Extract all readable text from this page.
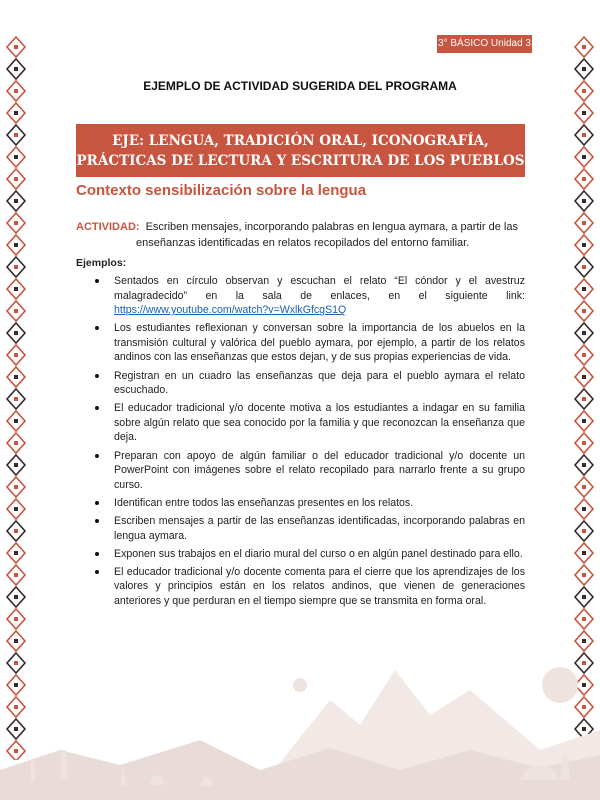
3° BÁSICO Unidad 3
EJEMPLO DE ACTIVIDAD SUGERIDA DEL PROGRAMA
EJE: LENGUA, TRADICIÓN ORAL, ICONOGRAFÍA,
PRÁCTICAS DE LECTURA Y ESCRITURA DE LOS PUEBLOS
Contexto sensibilización sobre la lengua
ACTIVIDAD: Escriben mensajes, incorporando palabras en lengua aymara, a partir de las
enseñanzas identificadas en relatos recopilados del entorno familiar.
Ejemplos:
Sentados en círculo observan y escuchan el relato “El cóndor y el avestruz malagradecido” en la sala de enlaces, en el siguiente link: https://www.youtube.com/watch?v=WxlkGfcgS1Q
Los estudiantes reflexionan y conversan sobre la importancia de los abuelos en la transmisión cultural y valórica del pueblo aymara, por ejemplo, a partir de los relatos andinos con las enseñanzas que estos dejan, y de sus propias experiencias de vida.
Registran en un cuadro las enseñanzas que deja para el pueblo aymara el relato escuchado.
El educador tradicional y/o docente motiva a los estudiantes a indagar en su familia sobre algún relato que sea conocido por la familia y que reconozcan la enseñanza que deja.
Preparan con apoyo de algún familiar o del educador tradicional y/o docente un PowerPoint con imágenes sobre el relato recopilado para narrarlo frente a su grupo curso.
Identifican entre todos las enseñanzas presentes en los relatos.
Escriben mensajes a partir de las enseñanzas identificadas, incorporando palabras en lengua aymara.
Exponen sus trabajos en el diario mural del curso o en algún panel destinado para ello.
El educador tradicional y/o docente comenta para el cierre que los aprendizajes de los valores y principios están en los relatos andinos, que vienen de generaciones anteriores y que perduran en el tiempo siempre que se transmita en forma oral.
